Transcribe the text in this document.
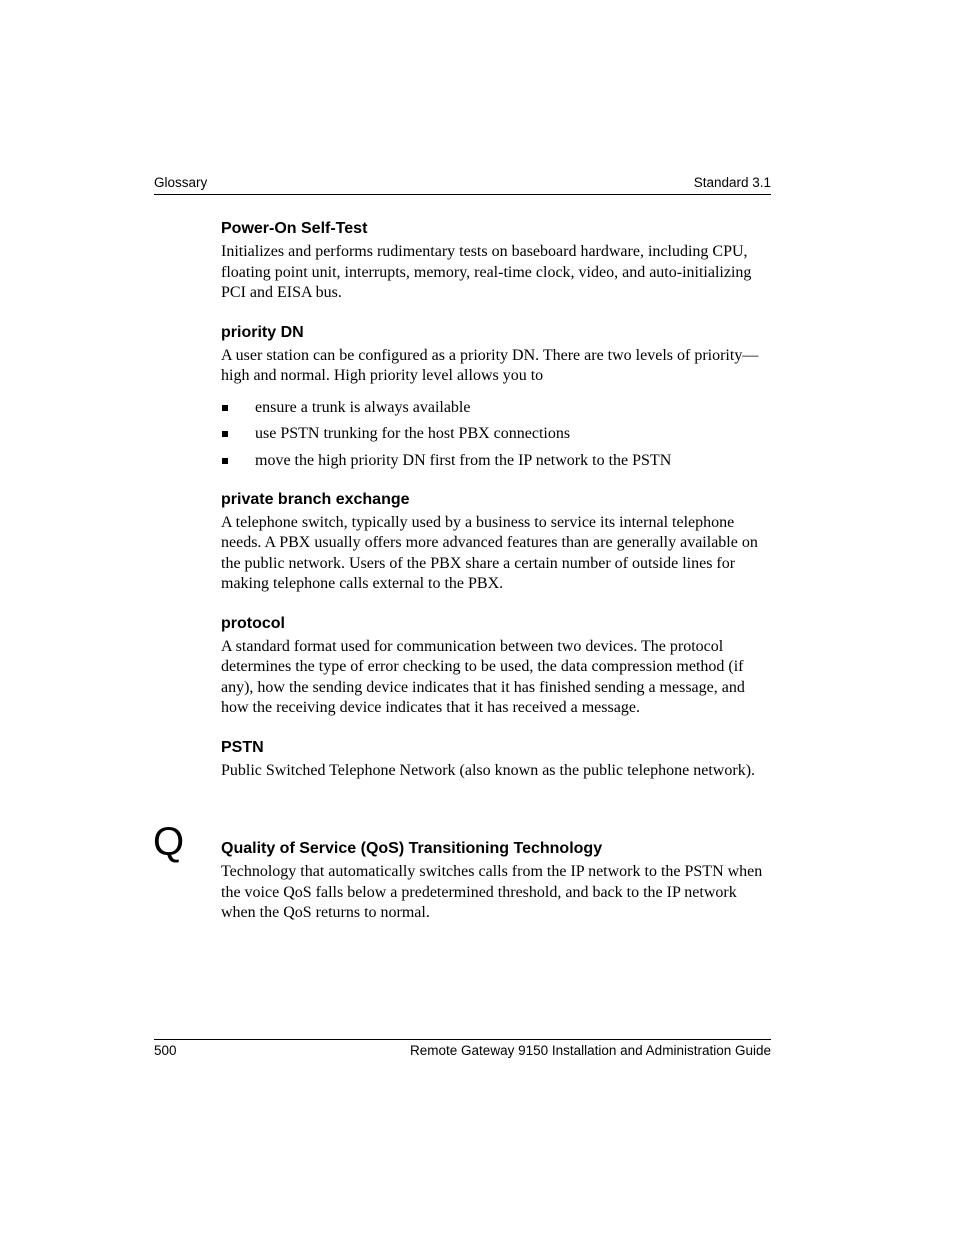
Glossary	Standard 3.1

Power-On Self-Test

Initializes and performs rudimentary tests on baseboard hardware, including CPU, floating point unit, interrupts, memory, real-time clock, video, and auto-initializing PCI and EISA bus.

priority DN

A user station can be configured as a priority DN. There are two levels of priority—high and normal. High priority level allows you to

ensure a trunk is always available
use PSTN trunking for the host PBX connections
move the high priority DN first from the IP network to the PSTN

private branch exchange

A telephone switch, typically used by a business to service its internal telephone needs. A PBX usually offers more advanced features than are generally available on the public network. Users of the PBX share a certain number of outside lines for making telephone calls external to the PBX.

protocol

A standard format used for communication between two devices. The protocol determines the type of error checking to be used, the data compression method (if any), how the sending device indicates that it has finished sending a message, and how the receiving device indicates that it has received a message.

PSTN

Public Switched Telephone Network (also known as the public telephone network).

Q Quality of Service (QoS) Transitioning Technology

Technology that automatically switches calls from the IP network to the PSTN when the voice QoS falls below a predetermined threshold, and back to the IP network when the QoS returns to normal.

500	Remote Gateway 9150 Installation and Administration Guide
